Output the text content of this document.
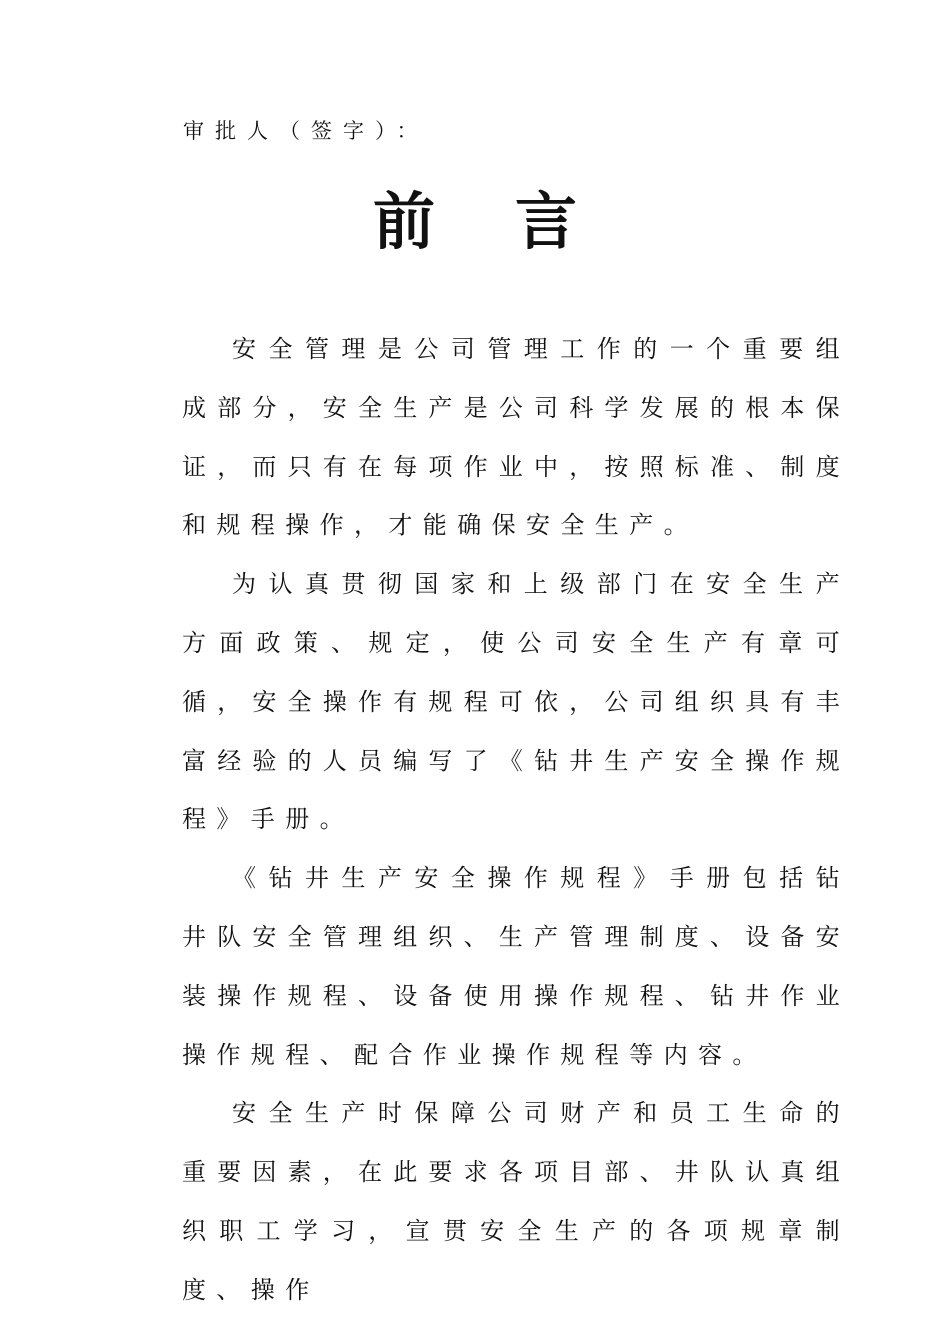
审批人（签字）：
前 言

安全管理是公司管理工作的一个重要组成部分，安全生产是公司科学发展的根本保证，而只有在每项作业中，按照标准、制度和规程操作，才能确保安全生产。

为认真贯彻国家和上级部门在安全生产方面政策、规定，使公司安全生产有章可循，安全操作有规程可依，公司组织具有丰富经验的人员编写了《钻井生产安全操作规程》手册。

《钻井生产安全操作规程》手册包括钻井队安全管理组织、生产管理制度、设备安装操作规程、设备使用操作规程、钻井作业操作规程、配合作业操作规程等内容。

安全生产时保障公司财产和员工生命的重要因素，在此要求各项目部、井队认真组织职工学习，宣贯安全生产的各项规章制度、操作
